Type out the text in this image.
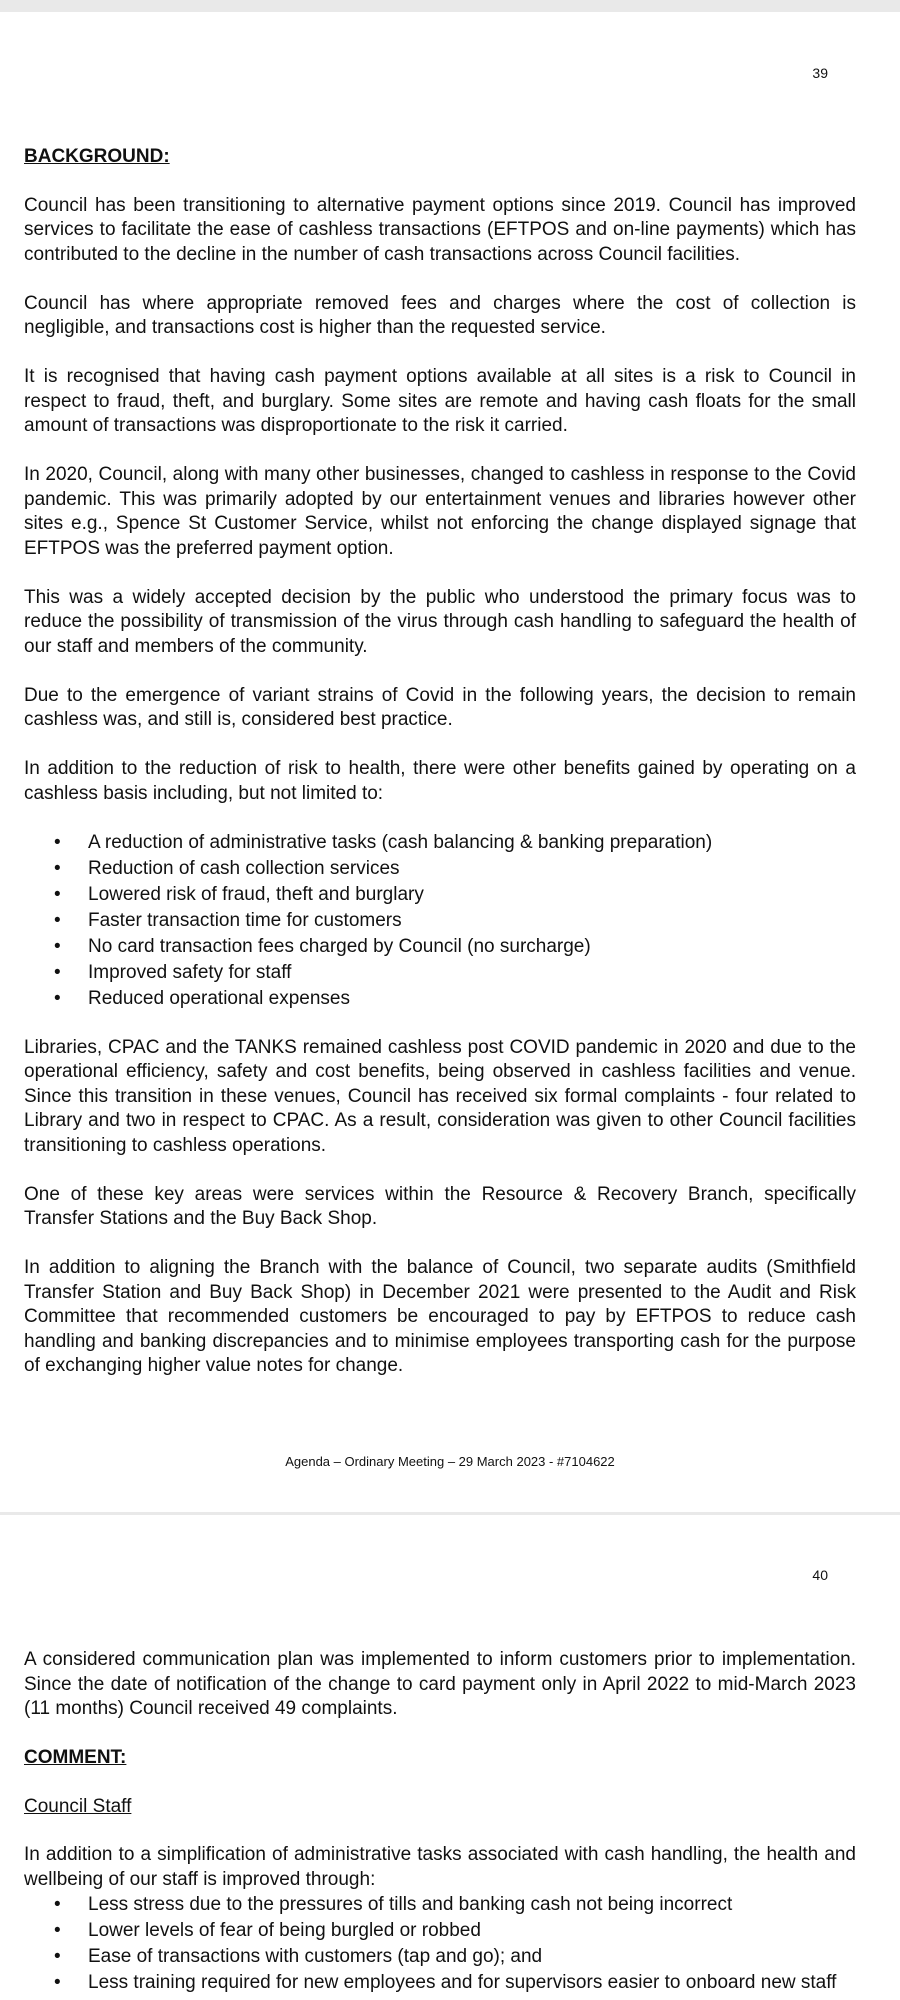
39
BACKGROUND:

Council has been transitioning to alternative payment options since 2019. Council has improved services to facilitate the ease of cashless transactions (EFTPOS and on-line payments) which has contributed to the decline in the number of cash transactions across Council facilities.

Council has where appropriate removed fees and charges where the cost of collection is negligible, and transactions cost is higher than the requested service.

It is recognised that having cash payment options available at all sites is a risk to Council in respect to fraud, theft, and burglary. Some sites are remote and having cash floats for the small amount of transactions was disproportionate to the risk it carried.

In 2020, Council, along with many other businesses, changed to cashless in response to the Covid pandemic. This was primarily adopted by our entertainment venues and libraries however other sites e.g., Spence St Customer Service, whilst not enforcing the change displayed signage that EFTPOS was the preferred payment option.

This was a widely accepted decision by the public who understood the primary focus was to reduce the possibility of transmission of the virus through cash handling to safeguard the health of our staff and members of the community.

Due to the emergence of variant strains of Covid in the following years, the decision to remain cashless was, and still is, considered best practice.

In addition to the reduction of risk to health, there were other benefits gained by operating on a cashless basis including, but not limited to:

• A reduction of administrative tasks (cash balancing & banking preparation)
• Reduction of cash collection services
• Lowered risk of fraud, theft and burglary
• Faster transaction time for customers
• No card transaction fees charged by Council (no surcharge)
• Improved safety for staff
• Reduced operational expenses

Libraries, CPAC and the TANKS remained cashless post COVID pandemic in 2020 and due to the operational efficiency, safety and cost benefits, being observed in cashless facilities and venue. Since this transition in these venues, Council has received six formal complaints - four related to Library and two in respect to CPAC. As a result, consideration was given to other Council facilities transitioning to cashless operations.

One of these key areas were services within the Resource & Recovery Branch, specifically Transfer Stations and the Buy Back Shop.

In addition to aligning the Branch with the balance of Council, two separate audits (Smithfield Transfer Station and Buy Back Shop) in December 2021 were presented to the Audit and Risk Committee that recommended customers be encouraged to pay by EFTPOS to reduce cash handling and banking discrepancies and to minimise employees transporting cash for the purpose of exchanging higher value notes for change.

Agenda – Ordinary Meeting – 29 March 2023 - #7104622
40

A considered communication plan was implemented to inform customers prior to implementation. Since the date of notification of the change to card payment only in April 2022 to mid-March 2023 (11 months) Council received 49 complaints.

COMMENT:
Council Staff

In addition to a simplification of administrative tasks associated with cash handling, the health and wellbeing of our staff is improved through:

• Less stress due to the pressures of tills and banking cash not being incorrect
• Lower levels of fear of being burgled or robbed
• Ease of transactions with customers (tap and go); and
• Less training required for new employees and for supervisors easier to onboard new staff
